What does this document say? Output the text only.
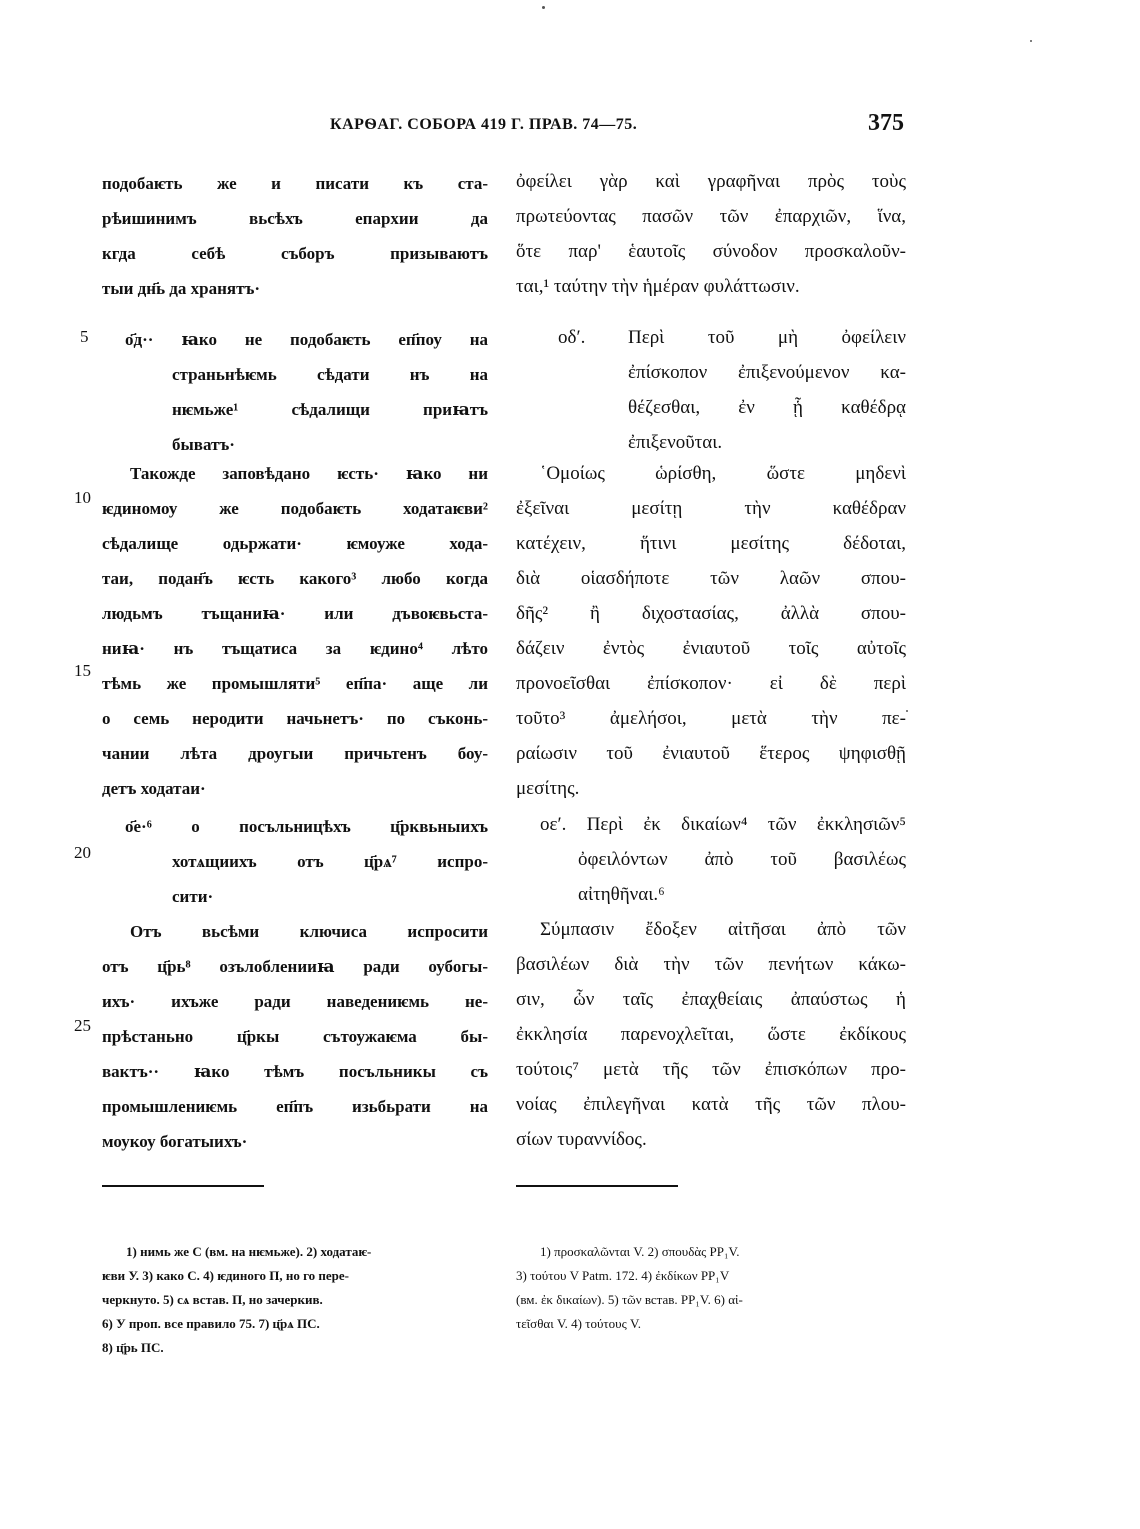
КАРѲАГ. СОБОРА 419 Г. ПРАВ. 74—75.	375
5
10
15
20
25
подобаѥть же и писати къ ста-
рѣишинимъ вьсѣхъ епархии да
кгда себѣ съборъ призываютъ
тыи дн҃ь да хранятъ·
о҃д·· ꙗко не подобаѥть еп҃поу на
страньнѣѥмь сѣдати нъ на
нѥмьже¹ сѣдалищи приꙗтъ
быватъ·
Такожде заповѣдано ѥсть· ꙗко ни
ѥдиномоу же подобаѥть ходатаѥви²
сѣдалище одьржати· ѥмоуже хода-
таи, подан҃ъ ѥсть какого³ любо когда
людьмъ тъщаниꙗ· или дъвоѥвьста-
ниꙗ· нъ тъщатиса за ѥдино⁴ лѣто
тѣмь же промышляти⁵ еп҃па· аще ли
о семь неродити начьнетъ· по съконь-
чании лѣта дроугыи причьтенъ боу-
детъ ходатаи·
о҃е·⁶ о посъльницѣхъ ц҃рквьныихъ
хотѧщиихъ отъ ц҃рѧ⁷ испро-
сити·
Отъ вьсѣми ключиса испросити
отъ ц҃рь⁸ озълобленииꙗ ради оубогы-
ихъ· ихъже ради наведениѥмь не-
прѣстаньно ц҃ркы сътоужаѥма бы-
вактъ·· ꙗко тѣмъ посъльникы съ
промышлениѥмь еп҃пъ изьбьрати на
моукоу богатыихъ·
ὀφείλει γὰρ καὶ γραφῆναι πρὸς τοὺς
πρωτεύοντας πασῶν τῶν ἐπαρχιῶν, ἵνα,
ὅτε παρ' ἑαυτοῖς σύνοδον προσκαλοῦν-
ται,¹ ταύτην τὴν ἡμέραν φυλάττωσιν.
οδʹ. Περὶ τοῦ μὴ ὀφείλειν
ἐπίσκοπον ἐπιξενούμενον κα-
θέζεσθαι, ἐν ᾗ καθέδρᾳ
ἐπιξενοῦται.
῾Ομοίως ὡρίσθη, ὥστε μηδενὶ
ἐξεῖναι μεσίτῃ τὴν καθέδραν
κατέχειν, ἥτινι μεσίτης δέδοται,
διὰ οἱασδήποτε τῶν λαῶν σπου-
δῆς² ἢ διχοστασίας, ἀλλὰ σπου-
δάζειν ἐντὸς ἐνιαυτοῦ τοῖς αὐτοῖς
προνοεῖσθαι ἐπίσκοπον· εἰ δὲ περὶ
τοῦτο³ ἀμελήσοι, μετὰ τὴν πε-
ραίωσιν τοῦ ἐνιαυτοῦ ἕτερος ψηφισθῇ
μεσίτης.
οεʹ. Περὶ ἐκ δικαίων⁴ τῶν ἐκκλησιῶν⁵
ὀφειλόντων ἀπὸ τοῦ βασιλέως
αἰτηθῆναι.⁶
Σύμπασιν ἔδοξεν αἰτῆσαι ἀπὸ τῶν
βασιλέων διὰ τὴν τῶν πενήτων κάκω-
σιν, ὧν ταῖς ἐπαχθείαις ἀπαύστως ἡ
ἐκκλησία παρενοχλεῖται, ὥστε ἐκδίκους
τούτοις⁷ μετὰ τῆς τῶν ἐπισκόπων προ-
νοίας ἐπιλεγῆναι κατὰ τῆς τῶν πλου-
σίων τυραννίδος.
1) нимь же C (вм. на нѥмьже). 2) ходатаѥ-
ѥви У. 3) како С. 4) ѥдиного П, но го пере-
черкнуто. 5) сѧ встав. П, но зачеркив.
6) У проп. все правило 75. 7) ц҃рѧ ПС.
8) ц҃рь ПС.
1) προσκαλῶνται V. 2) σπουδὰς PP₁V.
3) τούτου V Patm. 172. 4) ἐκδίκων PP₁V
(вм. ἐκ δικαίων). 5) τῶν встав. PP₁V. 6) αἰ-
τεῖσθαι V. 4) τούτους V.
